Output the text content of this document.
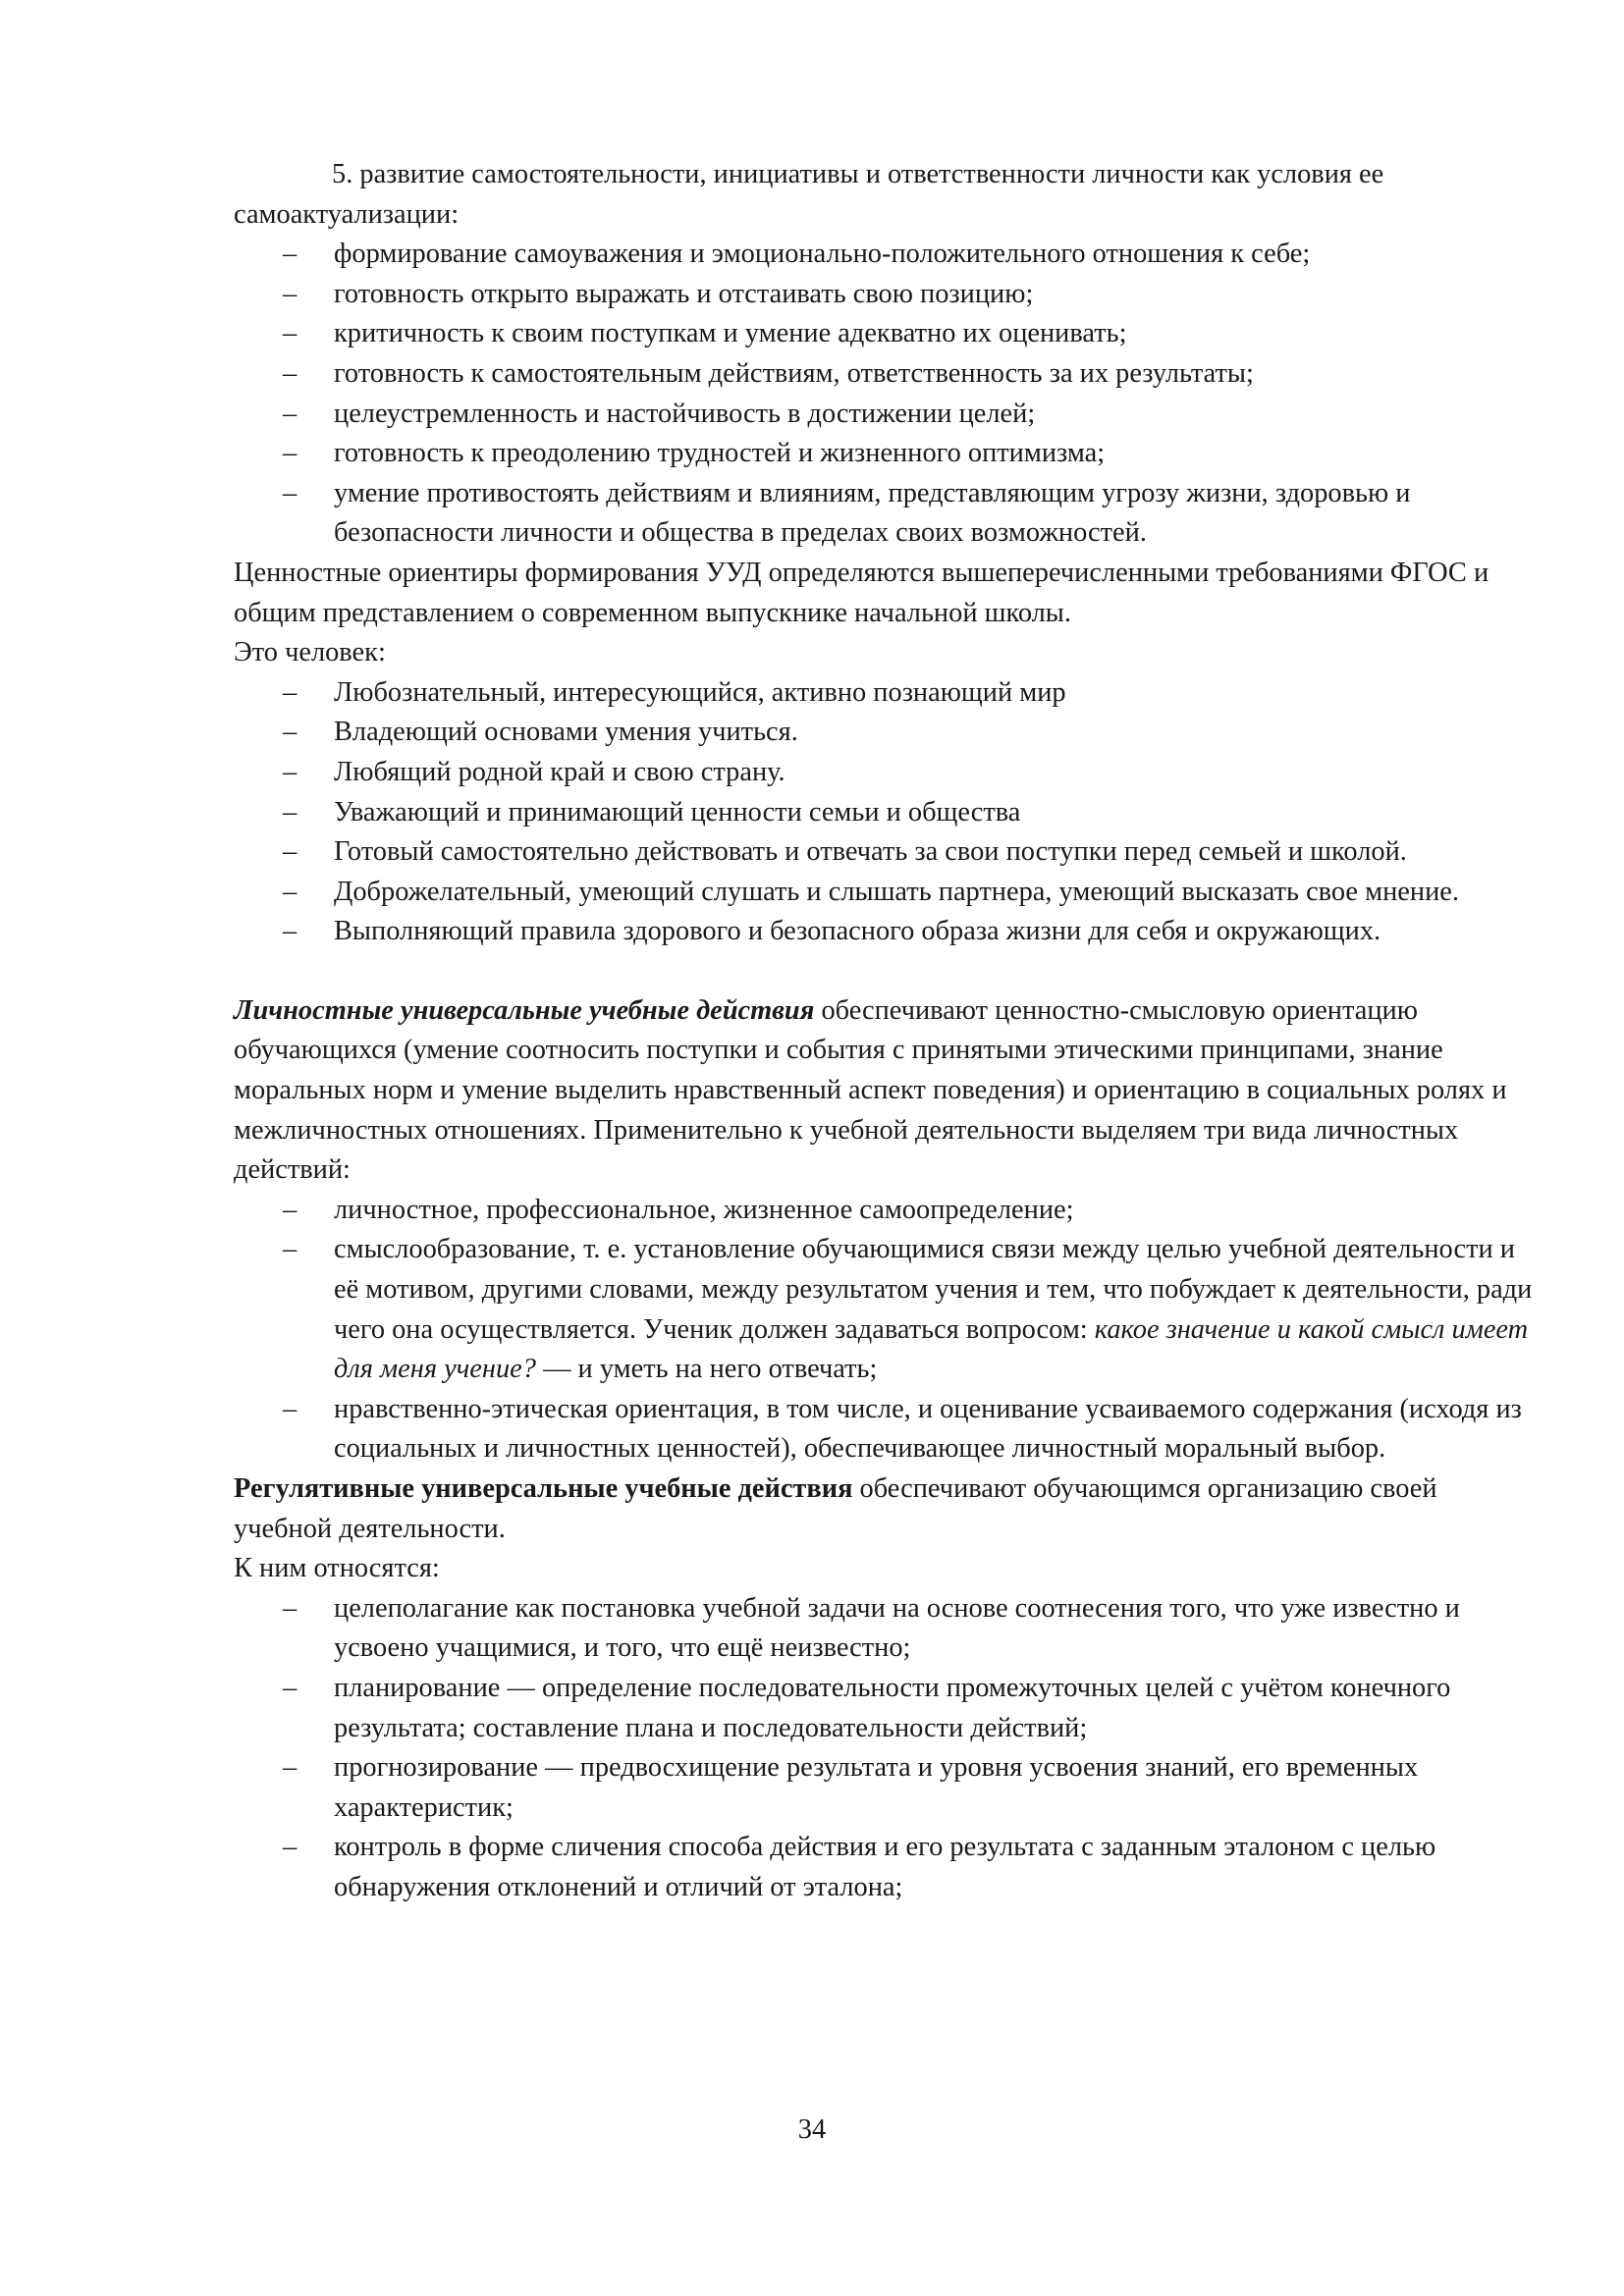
5. развитие самостоятельности, инициативы и ответственности личности как условия ее самоактуализации:

– формирование самоуважения и эмоционально-положительного отношения к себе;
– готовность открыто выражать и отстаивать свою позицию;
– критичность к своим поступкам и умение адекватно их оценивать;
– готовность к самостоятельным действиям, ответственность за их результаты;
– целеустремленность и настойчивость в достижении целей;
– готовность к преодолению трудностей и жизненного оптимизма;
– умение противостоять действиям и влияниям, представляющим угрозу жизни, здоровью и безопасности личности и общества в пределах своих возможностей.

Ценностные ориентиры формирования УУД определяются вышеперечисленными требованиями ФГОС и общим представлением о современном выпускнике начальной школы.

Это человек:

– Любознательный, интересующийся, активно познающий мир
– Владеющий основами умения учиться.
– Любящий родной край и свою страну.
– Уважающий и принимающий ценности семьи и общества
– Готовый самостоятельно действовать и отвечать за свои поступки перед семьей и школой.
– Доброжелательный, умеющий слушать и слышать партнера, умеющий высказать свое мнение.
– Выполняющий правила здорового и безопасного образа жизни для себя и окружающих.

Личностные универсальные учебные действия обеспечивают ценностно-смысловую ориентацию обучающихся (умение соотносить поступки и события с принятыми этическими принципами, знание моральных норм и умение выделить нравственный аспект поведения) и ориентацию в социальных ролях и межличностных отношениях. Применительно к учебной деятельности выделяем три вида личностных действий:

– личностное, профессиональное, жизненное самоопределение;
– смыслообразование, т. е. установление обучающимися связи между целью учебной деятельности и её мотивом, другими словами, между результатом учения и тем, что побуждает к деятельности, ради чего она осуществляется. Ученик должен задаваться вопросом: какое значение и какой смысл имеет для меня учение? — и уметь на него отвечать;
– нравственно-этическая ориентация, в том числе, и оценивание усваиваемого содержания (исходя из социальных и личностных ценностей), обеспечивающее личностный моральный выбор.

Регулятивные универсальные учебные действия обеспечивают обучающимся организацию своей учебной деятельности.

К ним относятся:

– целеполагание как постановка учебной задачи на основе соотнесения того, что уже известно и усвоено учащимися, и того, что ещё неизвестно;
– планирование — определение последовательности промежуточных целей с учётом конечного результата; составление плана и последовательности действий;
– прогнозирование — предвосхищение результата и уровня усвоения знаний, его временных характеристик;
– контроль в форме сличения способа действия и его результата с заданным эталоном с целью обнаружения отклонений и отличий от эталона;
34
